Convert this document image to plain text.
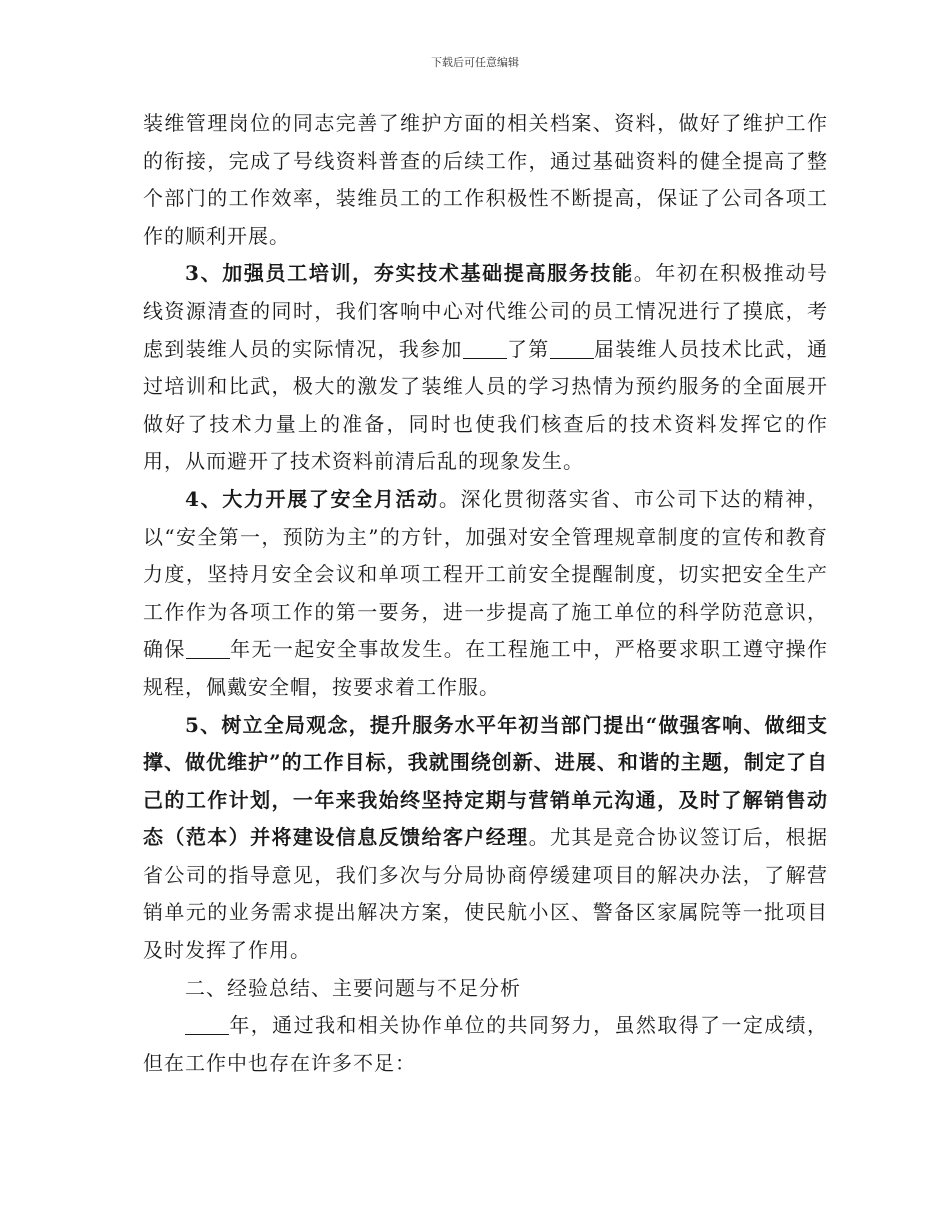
下载后可任意编辑

装维管理岗位的同志完善了维护方面的相关档案、资料，做好了维护工作的衔接，完成了号线资料普查的后续工作，通过基础资料的健全提高了整个部门的工作效率，装维员工的工作积极性不断提高，保证了公司各项工作的顺利开展。

3、加强员工培训，夯实技术基础提高服务技能。年初在积极推动号线资源清查的同时，我们客响中心对代维公司的员工情况进行了摸底，考虑到装维人员的实际情况，我参加 了第 届装维人员技术比武，通过培训和比武，极大的激发了装维人员的学习热情为预约服务的全面展开做好了技术力量上的准备，同时也使我们核查后的技术资料发挥它的作用，从而避开了技术资料前清后乱的现象发生。

4、大力开展了安全月活动。深化贯彻落实省、市公司下达的精神，以“安全第一，预防为主”的方针，加强对安全管理规章制度的宣传和教育力度，坚持月安全会议和单项工程开工前安全提醒制度，切实把安全生产工作作为各项工作的第一要务，进一步提高了施工单位的科学防范意识，确保 年无一起安全事故发生。在工程施工中，严格要求职工遵守操作规程，佩戴安全帽，按要求着工作服。

5、树立全局观念，提升服务水平年初当部门提出“做强客响、做细支撑、做优维护”的工作目标，我就围绕创新、进展、和谐的主题，制定了自己的工作计划，一年来我始终坚持定期与营销单元沟通，及时了解销售动态（范本）并将建设信息反馈给客户经理。尤其是竞合协议签订后，根据省公司的指导意见，我们多次与分局协商停缓建项目的解决办法，了解营销单元的业务需求提出解决方案，使民航小区、警备区家属院等一批项目及时发挥了作用。

二、经验总结、主要问题与不足分析

年，通过我和相关协作单位的共同努力，虽然取得了一定成绩，但在工作中也存在许多不足：
